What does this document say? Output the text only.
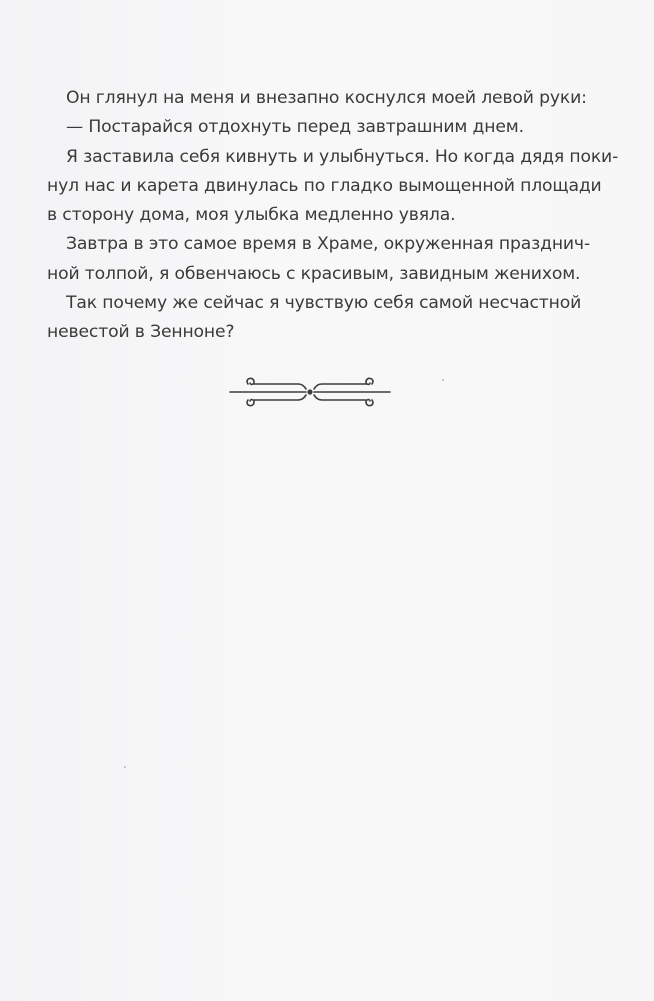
Он глянул на меня и внезапно коснулся моей левой руки:
— Постарайся отдохнуть перед завтрашним днем.
Я заставила себя кивнуть и улыбнуться. Но когда дядя поки-
нул нас и карета двинулась по гладко вымощенной площади
в сторону дома, моя улыбка медленно увяла.
Завтра в это самое время в Храме, окруженная празднич-
ной толпой, я обвенчаюсь с красивым, завидным женихом.
Так почему же сейчас я чувствую себя самой несчастной
невестой в Зенноне?
